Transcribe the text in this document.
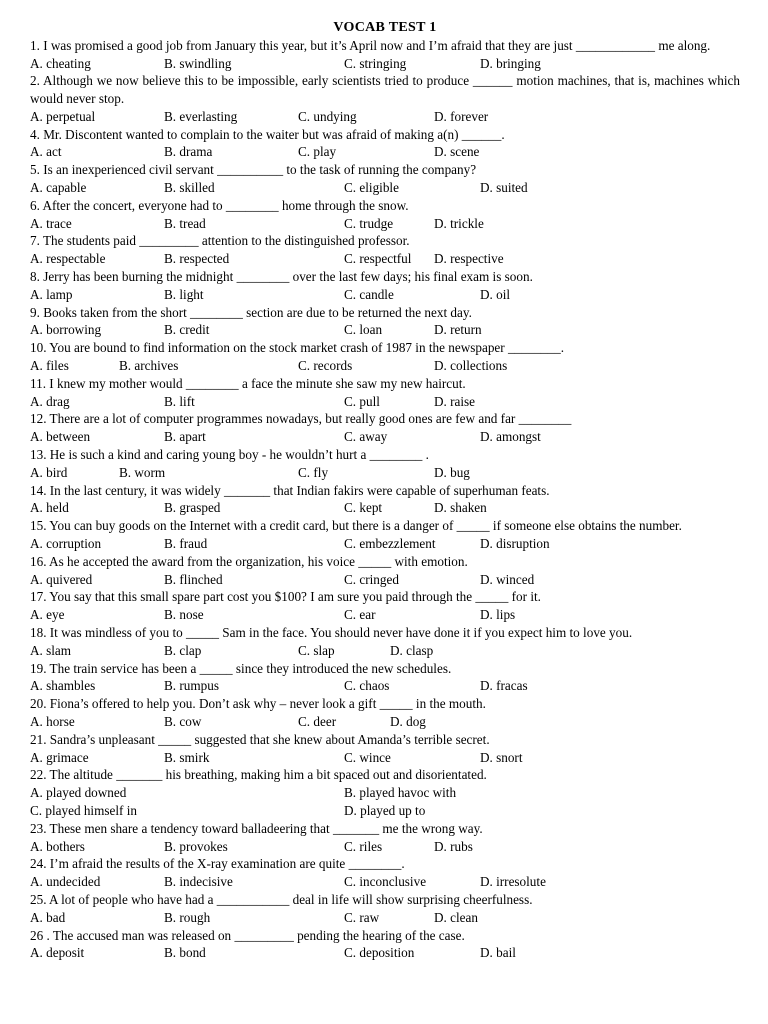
VOCAB TEST 1
1. I was promised a good job from January this year, but it’s April now and I’m afraid that they are just ____________ me along.
A. cheating	B. swindling	C. stringing	D. bringing
2. Although we now believe this to be impossible, early scientists tried to produce ______ motion machines, that is, machines which would never stop.
A. perpetual	B. everlasting	C. undying	D. forever
4. Mr. Discontent wanted to complain to the waiter but was afraid of making a(n) ______.
A. act	B. drama	C. play	D. scene
5. Is an inexperienced civil servant __________ to the task of running the company?
A. capable	B. skilled	C. eligible	D. suited
6. After the concert, everyone had to ________ home through the snow.
A. trace	B. tread	C. trudge	D. trickle
7. The students paid _________ attention to the distinguished professor.
A. respectable	B. respected	C. respectful D. respective
8. Jerry has been burning the midnight ________ over the last few days; his final exam is soon.
A. lamp	B. light	C. candle	D. oil
9. Books taken from the short ________ section are due to be returned the next day.
A. borrowing	B. credit	C. loan	D. return
10. You are bound to find information on the stock market crash of 1987 in the newspaper ________.
A. files	B. archives	C. records	D. collections
11. I knew my mother would ________ a face the minute she saw my new haircut.
A. drag	B. lift	C. pull	D. raise
12. There are a lot of computer programmes nowadays, but really good ones are few and far ________
A. between	B. apart	C. away	D. amongst
13. He is such a kind and caring young boy - he wouldn’t hurt a ________ .
A. bird	B. worm	C. fly	D. bug
14. In the last century, it was widely _______ that Indian fakirs were capable of superhuman feats.
A. held	B. grasped	C. kept	D. shaken
15. You can buy goods on the Internet with a credit card, but there is a danger of _____ if someone else obtains the number.
A. corruption	B. fraud	C. embezzlement	D. disruption
16. As he accepted the award from the organization, his voice _____ with emotion.
A. quivered	B. flinched	C. cringed	D. winced
17. You say that this small spare part cost you $100? I am sure you paid through the _____ for it.
A. eye	B. nose	C. ear	D. lips
18. It was mindless of you to _____ Sam in the face. You should never have done it if you expect him to love you.
A. slam	B. clap	C. slap	D. clasp
19. The train service has been a _____ since they introduced the new schedules.
A. shambles	B. rumpus	C. chaos	D. fracas
20. Fiona’s offered to help you. Don’t ask why – never look a gift _____ in the mouth.
A. horse	B. cow	C. deer	D. dog
21. Sandra’s unpleasant _____ suggested that she knew about Amanda’s terrible secret.
A. grimace	B. smirk	C. wince	D. snort
22. The altitude _______ his breathing, making him a bit spaced out and disorientated.
A. played downed	B. played havoc with
C. played himself in	D. played up to
23. These men share a tendency toward balladeering that _______ me the wrong way.
A. bothers	B. provokes	C. riles	D. rubs
24. I’m afraid the results of the X-ray examination are quite ________.
A. undecided	B. indecisive	C. inconclusive	D. irresolute
25. A lot of people who have had a ___________ deal in life will show surprising cheerfulness.
A. bad	B. rough	C. raw	D. clean
26 . The accused man was released on _________ pending the hearing of the case.
A. deposit	B. bond	C. deposition	D. bail
